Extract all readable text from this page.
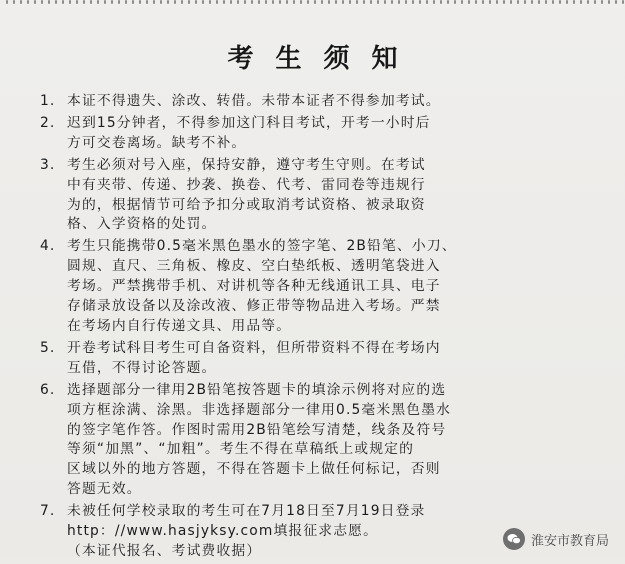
考生须知
1. 本证不得遗失、涂改、转借。未带本证者不得参加考试。
2. 迟到15分钟者，不得参加这门科目考试，开考一小时后
方可交卷离场。缺考不补。
3. 考生必须对号入座，保持安静，遵守考生守则。在考试
中有夹带、传递、抄袭、换卷、代考、雷同卷等违规行
为的，根据情节可给予扣分或取消考试资格、被录取资
格、入学资格的处罚。
4. 考生只能携带0.5毫米黑色墨水的签字笔、2B铅笔、小刀、
圆规、直尺、三角板、橡皮、空白垫纸板、透明笔袋进入
考场。严禁携带手机、对讲机等各种无线通讯工具、电子
存储录放设备以及涂改液、修正带等物品进入考场。严禁
在考场内自行传递文具、用品等。
5. 开卷考试科目考生可自备资料，但所带资料不得在考场内
互借，不得讨论答题。
6. 选择题部分一律用2B铅笔按答题卡的填涂示例将对应的选
项方框涂满、涂黑。非选择题部分一律用0.5毫米黑色墨水
的签字笔作答。作图时需用2B铅笔绘写清楚，线条及符号
等须“加黑”、“加粗”。考生不得在草稿纸上或规定的
区域以外的地方答题，不得在答题卡上做任何标记，否则
答题无效。
7. 未被任何学校录取的考生可在7月18日至7月19日登录
http：//www.hasjyksy.com填报征求志愿。
（本证代报名、考试费收据）
淮安市教育局
